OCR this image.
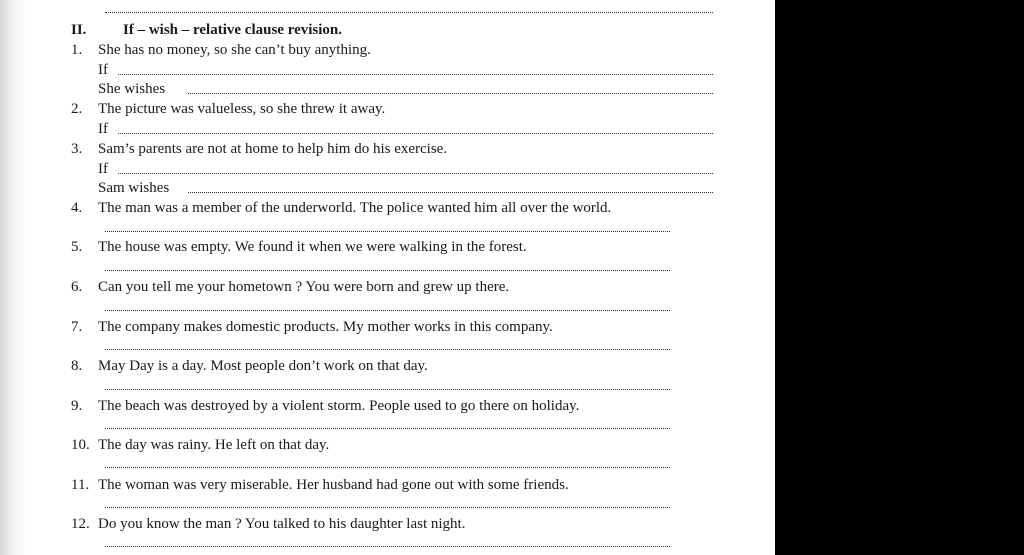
II. If – wish – relative clause revision.
1. She has no money, so she can’t buy anything.
If
She wishes
2. The picture was valueless, so she threw it away.
If
3. Sam’s parents are not at home to help him do his exercise.
If
Sam wishes
4. The man was a member of the underworld. The police wanted him all over the world.
5. The house was empty. We found it when we were walking in the forest.
6. Can you tell me your hometown ? You were born and grew up there.
7. The company makes domestic products. My mother works in this company.
8. May Day is a day. Most people don’t work on that day.
9. The beach was destroyed by a violent storm. People used to go there on holiday.
10. The day was rainy. He left on that day.
11. The woman was very miserable. Her husband had gone out with some friends.
12. Do you know the man ? You talked to his daughter last night.
